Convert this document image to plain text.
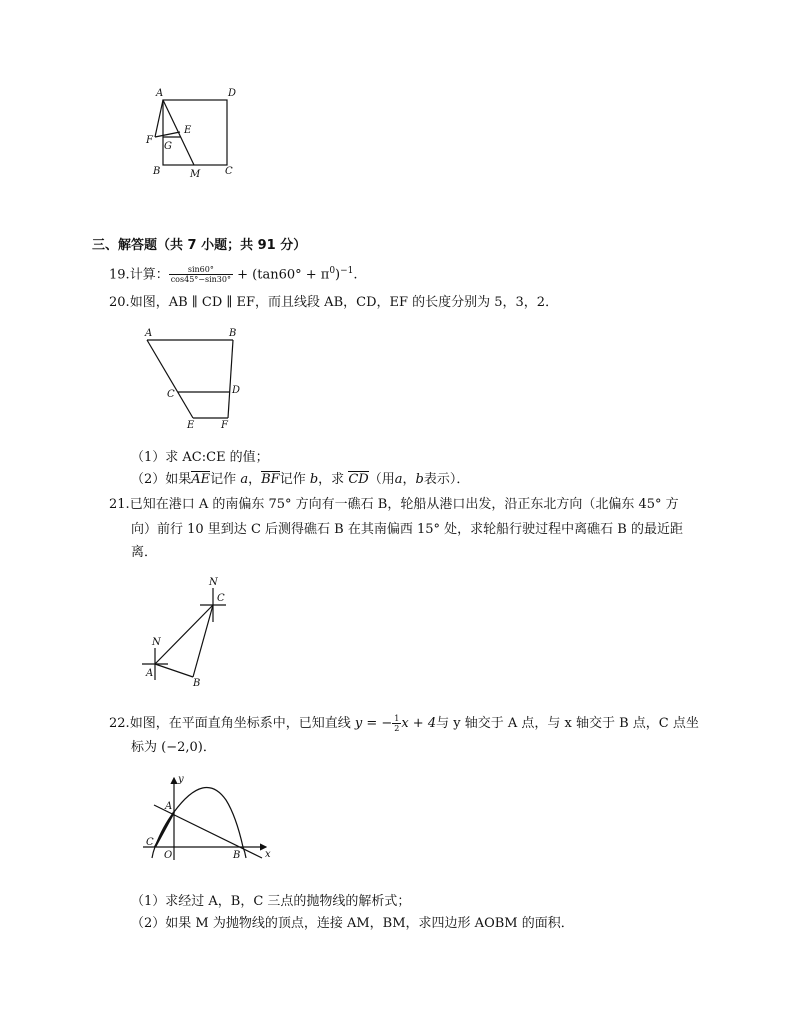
A	D
F
E
G
B	M C
三、解答题（共 7 小题；共 91 分）
19.计算： $\frac{\sin 60^\circ}{\cos 45^\circ-\sin 30^\circ} + (\tan 60^\circ + \pi^0)^{-1}$.
20.如图，AB ∥ CD ∥ EF，而且线段 AB，CD，EF 的长度分别为 5，3，2．
A	B
C	D
E	F
（1）求 AC:CE 的值；
（2）如果AE记作 a，BF记作 b，求 CD（用a，b表示）．
21.已知在港口 A 的南偏东 75° 方向有一礁石 B，轮船从港口出发，沿正东北方向（北偏东 45° 方
向）前行 10 里到达 C 后测得礁石 B 在其南偏西 15° 处，求轮船行驶过程中离礁石 B 的最近距
离．
N
C
N
A
B
22.如图，在平面直角坐标系中，已知直线 y = − $\frac{1}{2}$ x + 4与 y 轴交于 A 点，与 x 轴交于 B 点，C 点坐
标为 (−2,0)．
y
A
C
O	B x
（1）求经过 A，B，C 三点的抛物线的解析式；
（2）如果 M 为抛物线的顶点，连接 AM，BM，求四边形 AOBM 的面积．
